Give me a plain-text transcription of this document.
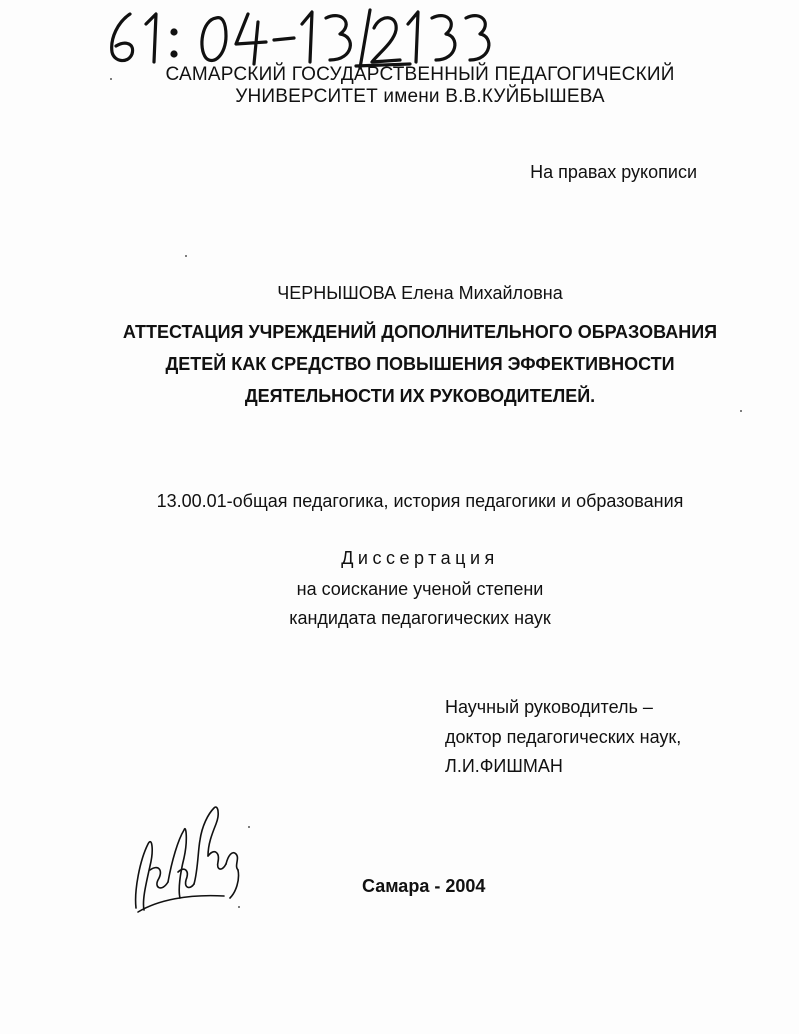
САМАРСКИЙ ГОСУДАРСТВЕННЫЙ ПЕДАГОГИЧЕСКИЙ
УНИВЕРСИТЕТ имени В.В.КУЙБЫШЕВА
На правах рукописи
ЧЕРНЫШОВА Елена Михайловна
АТТЕСТАЦИЯ УЧРЕЖДЕНИЙ ДОПОЛНИТЕЛЬНОГО ОБРАЗОВАНИЯ
ДЕТЕЙ КАК СРЕДСТВО ПОВЫШЕНИЯ ЭФФЕКТИВНОСТИ
ДЕЯТЕЛЬНОСТИ ИХ РУКОВОДИТЕЛЕЙ.
13.00.01-общая педагогика, история педагогики и образования
Диссертация
на соискание ученой степени
кандидата педагогических наук
Научный руководитель –
доктор педагогических наук,
Л.И.ФИШМАН
Самара - 2004
